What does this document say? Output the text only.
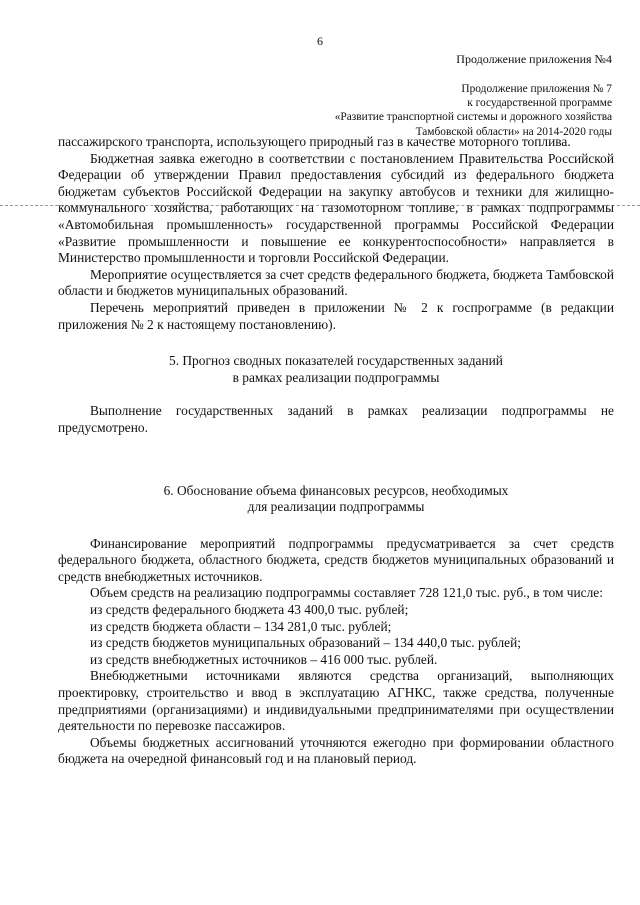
6
Продолжение приложения №4
Продолжение приложения № 7
к государственной программе
«Развитие транспортной системы и дорожного хозяйства
Тамбовской области» на 2014-2020 годы

пассажирского транспорта, использующего природный газ в качестве моторного топлива.

Бюджетная заявка ежегодно в соответствии с постановлением Правительства Российской Федерации об утверждении Правил предоставления субсидий из федерального бюджета бюджетам субъектов Российской Федерации на закупку автобусов и техники для жилищно-коммунального хозяйства, работающих на газомоторном топливе, в рамках подпрограммы «Автомобильная промышленность» государственной программы Российской Федерации «Развитие промышленности и повышение ее конкурентоспособности» направляется в Министерство промышленности и торговли Российской Федерации.

Мероприятие осуществляется за счет средств федерального бюджета, бюджета Тамбовской области и бюджетов муниципальных образований.

Перечень мероприятий приведен в приложении № 2 к госпрограмме (в редакции приложения № 2 к настоящему постановлению).

5. Прогноз сводных показателей государственных заданий

в рамках реализации подпрограммы

Выполнение государственных заданий в рамках реализации подпрограммы не предусмотрено.

6. Обоснование объема финансовых ресурсов, необходимых

для реализации подпрограммы

Финансирование мероприятий подпрограммы предусматривается за счет средств федерального бюджета, областного бюджета, средств бюджетов муниципальных образований и средств внебюджетных источников.

Объем средств на реализацию подпрограммы составляет 728 121,0 тыс. руб., в том числе:

из средств федерального бюджета 43 400,0 тыс. рублей;

из средств бюджета области – 134 281,0 тыс. рублей;

из средств бюджетов муниципальных образований – 134 440,0 тыс. рублей;

из средств внебюджетных источников – 416 000 тыс. рублей.

Внебюджетными источниками являются средства организаций, выполняющих проектировку, строительство и ввод в эксплуатацию АГНКС, также средства, полученные предприятиями (организациями) и индивидуальными предпринимателями при осуществлении деятельности по перевозке пассажиров.

Объемы бюджетных ассигнований уточняются ежегодно при формировании областного бюджета на очередной финансовый год и на плановый период.
